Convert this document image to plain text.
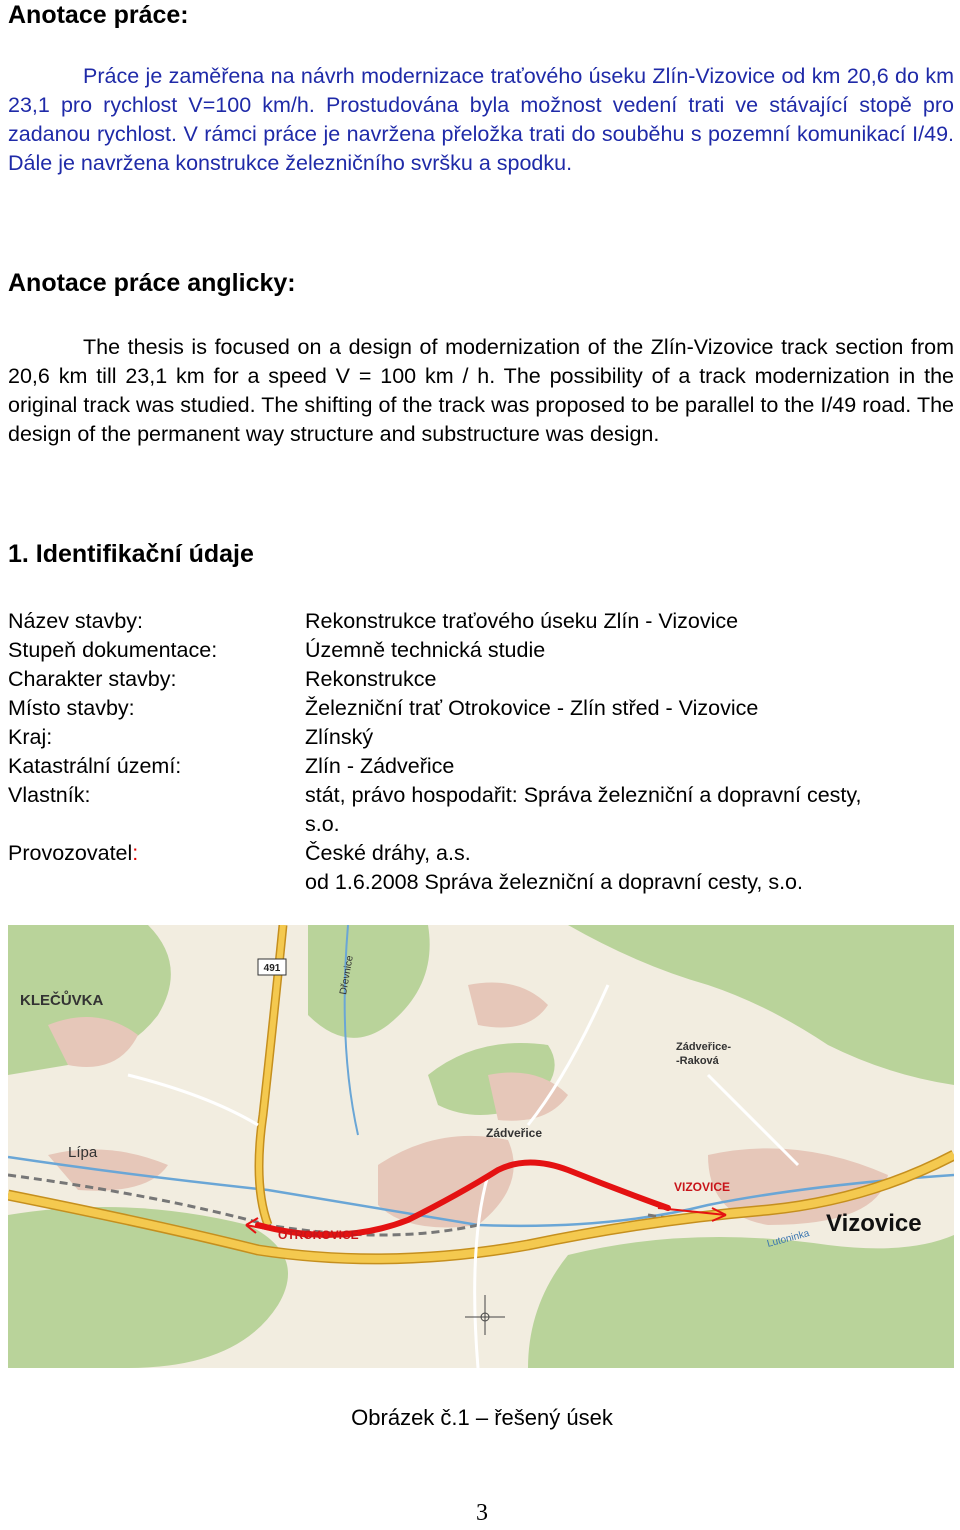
Anotace práce:

Práce je zaměřena na návrh modernizace traťového úseku Zlín-Vizovice od km 20,6 do km 23,1 pro rychlost V=100 km/h. Prostudována byla možnost vedení trati ve stávající stopě pro zadanou rychlost. V rámci práce je navržena přeložka trati do souběhu s pozemní komunikací I/49. Dále je navržena konstrukce železničního svršku a spodku.

Anotace práce anglicky:

The thesis is focused on a design of modernization of the Zlín-Vizovice track section from 20,6 km till 23,1 km for a speed V = 100 km / h. The possibility of a track modernization in the original track was studied. The shifting of the track was proposed to be parallel to the I/49 road. The design of the permanent way structure and substructure was design.

1. Identifikační údaje
Název stavby:	Rekonstrukce traťového úseku Zlín - Vizovice
Stupeň dokumentace:	Územně technická studie
Charakter stavby:	Rekonstrukce
Místo stavby:	Železniční trať Otrokovice - Zlín střed - Vizovice
Kraj:	Zlínský
Katastrální území:	Zlín - Zádveřice
Vlastník:	stát, právo hospodařit: Správa železniční a dopravní cesty,
s.o.
Provozovatel:	České dráhy, a.s.
od 1.6.2008 Správa železniční a dopravní cesty, s.o.
491
KLEČŮVKA
Lípa
Dřevnice
Zádveřice-
-Raková
Zádveřice
VIZOVICE
OTROKOVICE	Vizovice
Lutoninka
Obrázek č.1 – řešený úsek
3
